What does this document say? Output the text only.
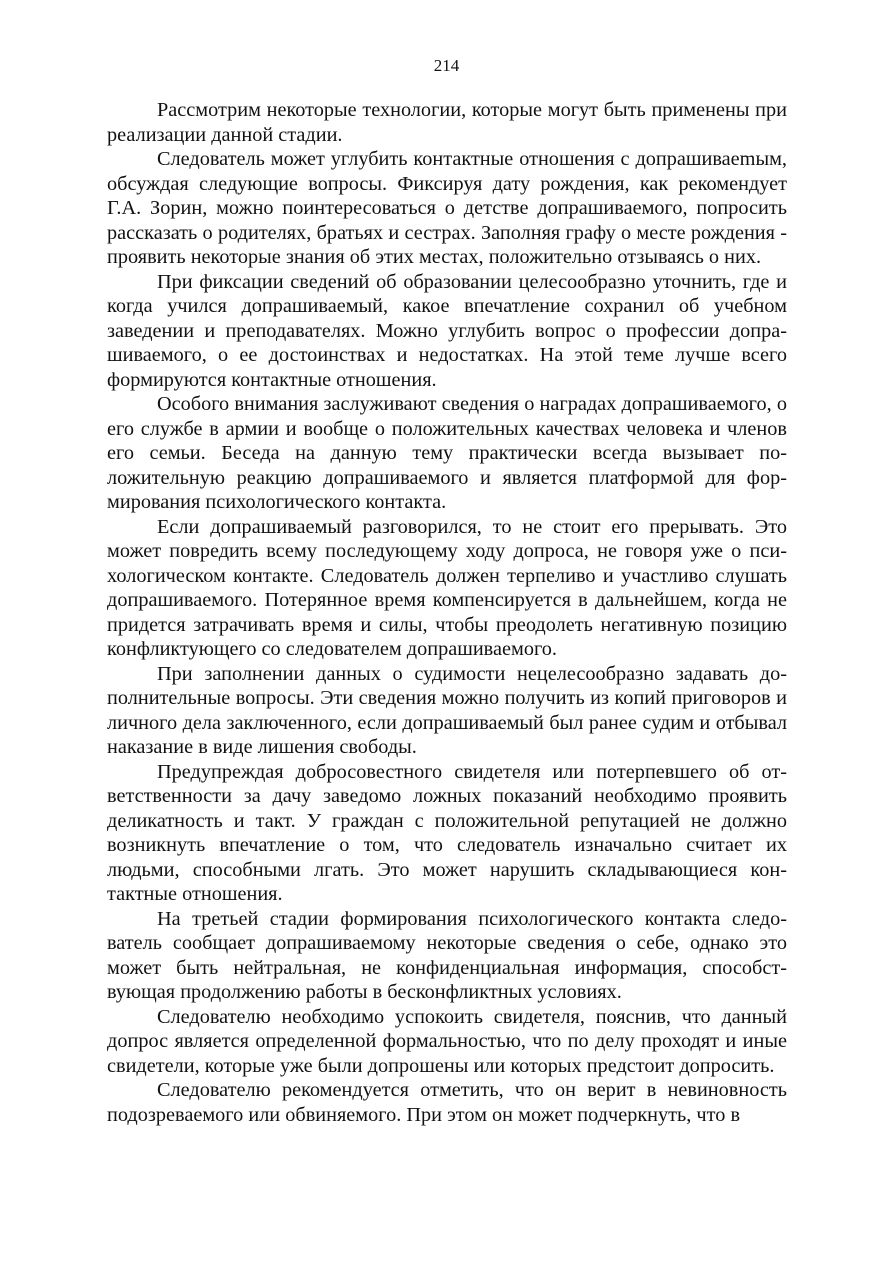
214

Рассмотрим некоторые технологии, которые могут быть применены при реализации данной стадии.

Следователь может углубить контактные отношения с допрашиваеmым, обсуждая следующие вопросы. Фиксируя дату рождения, как рекомендует Г.А. Зорин, можно поинтересоваться о детстве допрашиваемого, попросить рассказать о родителях, братьях и сестрах. Заполняя графу о месте рождения - проявить некоторые знания об этих местах, положительно отзываясь о них.

При фиксации сведений об образовании целесообразно уточнить, где и когда учился допрашиваемый, какое впечатление сохранил об учебном заведении и преподавателях. Можно углубить вопрос о профессии допрашиваемого, о ее достоинствах и недостатках. На этой теме лучше всего формируются контактные отношения.

Особого внимания заслуживают сведения о наградах допрашиваемого, о его службе в армии и вообще о положительных качествах человека и членов его семьи. Беседа на данную тему практически всегда вызывает положительную реакцию допрашиваемого и является платформой для формирования психологического контакта.

Если допрашиваемый разговорился, то не стоит его прерывать. Это может повредить всему последующему ходу допроса, не говоря уже о психологическом контакте. Следователь должен терпеливо и участливо слушать допрашиваемого. Потерянное время компенсируется в дальнейшем, когда не придется затрачивать время и силы, чтобы преодолеть негативную позицию конфликтующего со следователем допрашиваемого.

При заполнении данных о судимости нецелесообразно задавать дополнительные вопросы. Эти сведения можно получить из копий приговоров и личного дела заключенного, если допрашиваемый был ранее судим и отбывал наказание в виде лишения свободы.

Предупреждая добросовестного свидетеля или потерпевшего об ответственности за дачу заведомо ложных показаний необходимо проявить деликатность и такт. У граждан с положительной репутацией не должно возникнуть впечатление о том, что следователь изначально считает их людьми, способными лгать. Это может нарушить складывающиеся контактные отношения.

На третьей стадии формирования психологического контакта следователь сообщает допрашиваемому некоторые сведения о себе, однако это может быть нейтральная, не конфиденциальная информация, способствующая продолжению работы в бесконфликтных условиях.

Следователю необходимо успокоить свидетеля, пояснив, что данный допрос является определенной формальностью, что по делу проходят и иные свидетели, которые уже были допрошены или которых предстоит допросить.

Следователю рекомендуется отметить, что он верит в невиновность подозреваемого или обвиняемого. При этом он может подчеркнуть, что в
